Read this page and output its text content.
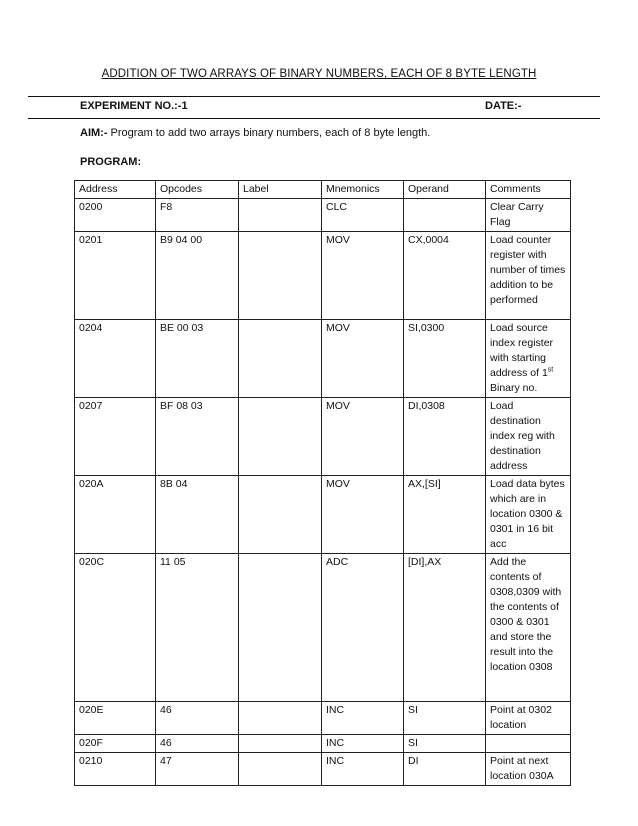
ADDITION OF TWO ARRAYS OF BINARY NUMBERS, EACH OF 8 BYTE LENGTH
EXPERIMENT NO.:-1	DATE:-
AIM:- Program to add two arrays binary numbers, each of 8 byte length.
PROGRAM:
Address	Opcodes	Label	Mnemonics	Operand	Comments
0200	F8		CLC		Clear Carry Flag
0201	B9 04 00		MOV	CX,0004	Load counter register with number of times addition to be performed
0204	BE 00 03		MOV	SI,0300	Load source index register with starting address of 1st Binary no.
0207	BF 08 03		MOV	DI,0308	Load destination index reg with destination address
020A	8B 04		MOV	AX,[SI]	Load data bytes which are in location 0300 & 0301 in 16 bit acc
020C	11 05		ADC	[DI],AX	Add the contents of 0308,0309 with the contents of 0300 & 0301 and store the result into the location 0308
020E	46		INC	SI	Point at 0302 location
020F	46		INC	SI	
0210	47		INC	DI	Point at next location 030A
